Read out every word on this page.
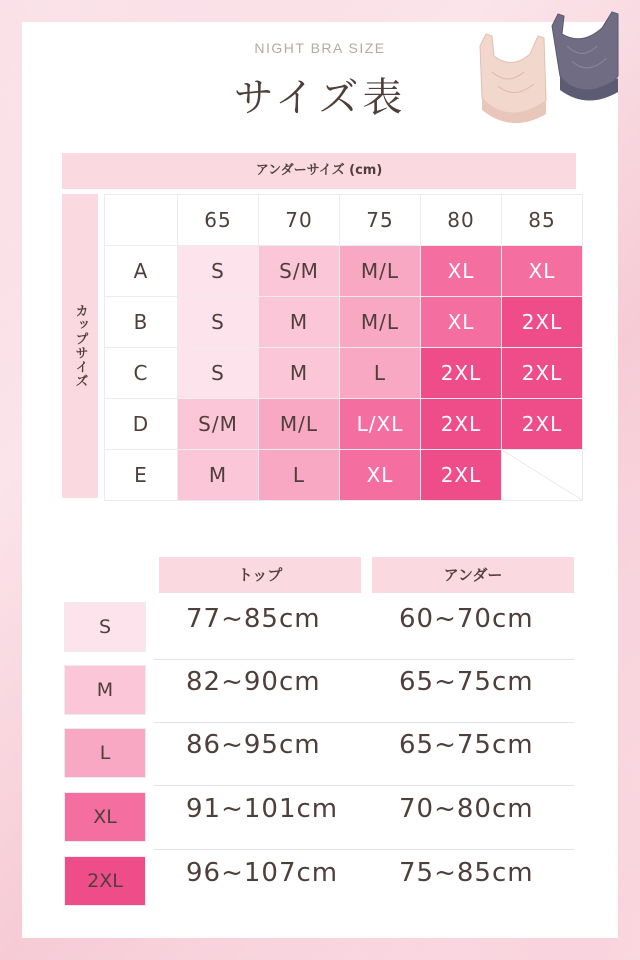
NIGHT BRA SIZE
サイズ表
アンダーサイズ (cm)
カップサイズ
65	70	75	80	85
A	S	S/M	M/L	XL	XL
B	S	M	M/L	XL	2XL
C	S	M	L	2XL	2XL
D	S/M	M/L	L/XL	2XL	2XL
E	M	L	XL	2XL
トップ	アンダー
S	77~85cm	60~70cm
M	82~90cm	65~75cm
L	86~95cm	65~75cm
XL	91~101cm 70~80cm
2XL	96~107cm 75~85cm
